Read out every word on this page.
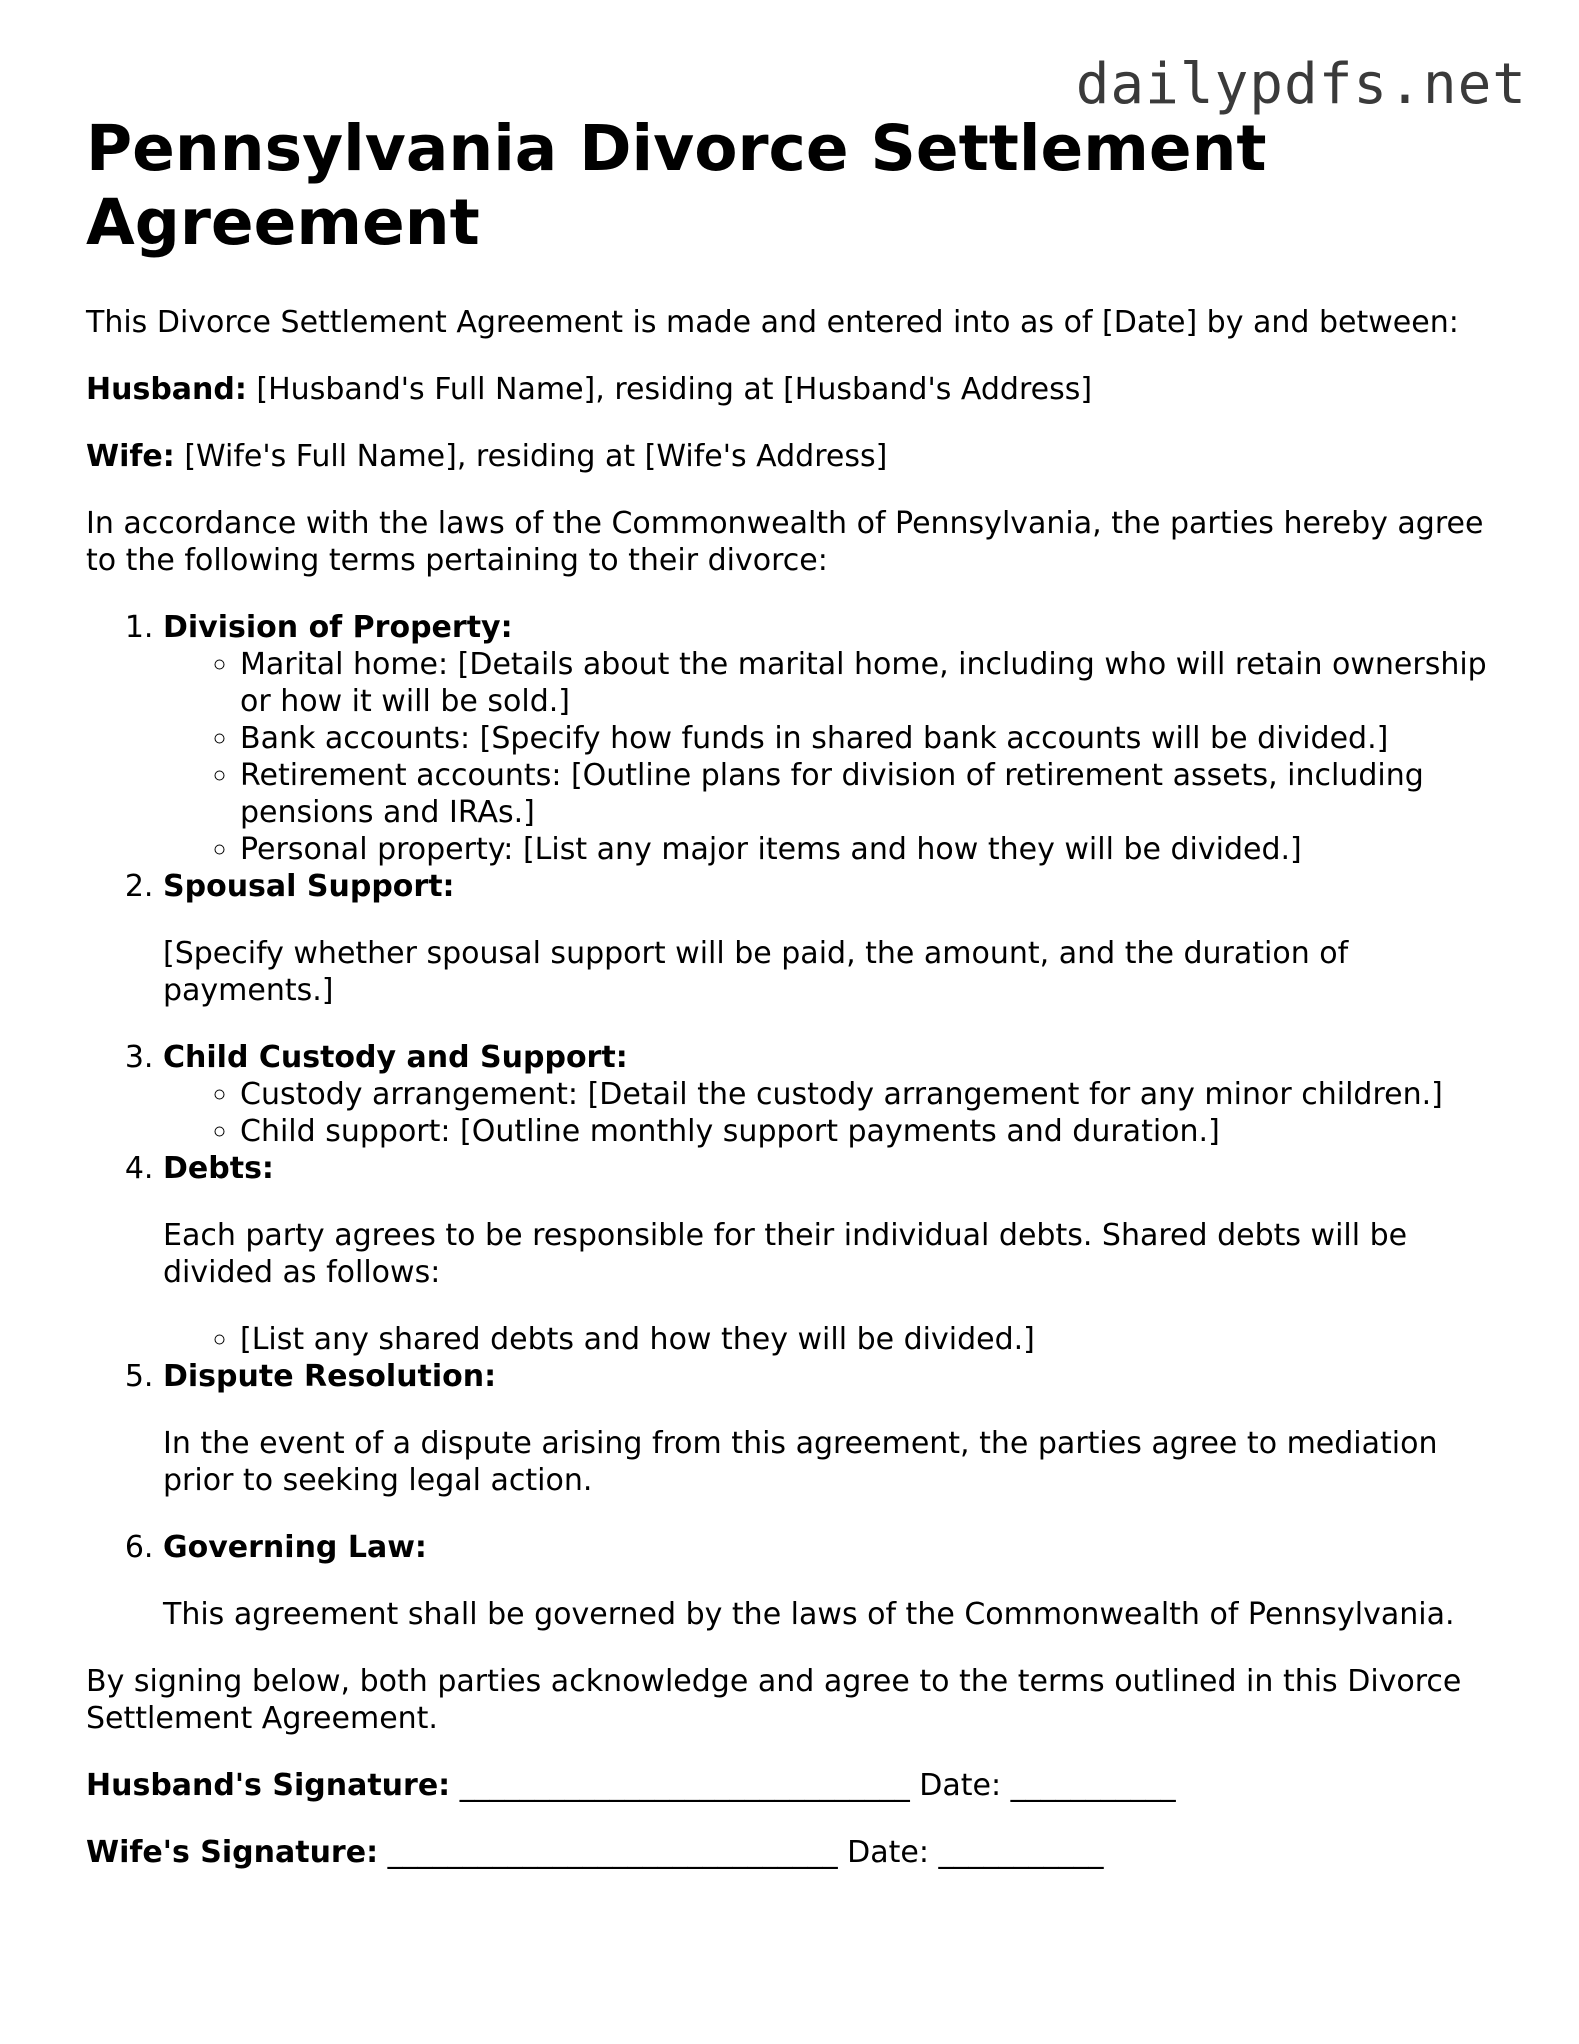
dailypdfs.net
Pennsylvania Divorce Settlement Agreement

This Divorce Settlement Agreement is made and entered into as of [Date] by and between:

Husband: [Husband's Full Name], residing at [Husband's Address]

Wife: [Wife's Full Name], residing at [Wife's Address]

In accordance with the laws of the Commonwealth of Pennsylvania, the parties hereby agree to the following terms pertaining to their divorce:

1. Division of Property:
◦ Marital home: [Details about the marital home, including who will retain ownership or how it will be sold.]
◦ Bank accounts: [Specify how funds in shared bank accounts will be divided.]
◦ Retirement accounts: [Outline plans for division of retirement assets, including pensions and IRAs.]
◦ Personal property: [List any major items and how they will be divided.]
2. Spousal Support:
[Specify whether spousal support will be paid, the amount, and the duration of payments.]
3. Child Custody and Support:
◦ Custody arrangement: [Detail the custody arrangement for any minor children.]
◦ Child support: [Outline monthly support payments and duration.]
4. Debts:
Each party agrees to be responsible for their individual debts. Shared debts will be divided as follows:
◦ [List any shared debts and how they will be divided.]
5. Dispute Resolution:
In the event of a dispute arising from this agreement, the parties agree to mediation prior to seeking legal action.
6. Governing Law:
This agreement shall be governed by the laws of the Commonwealth of Pennsylvania.

By signing below, both parties acknowledge and agree to the terms outlined in this Divorce Settlement Agreement.

Husband's Signature: ______________________________ Date: ___________
Wife's Signature: ______________________________ Date: ___________
